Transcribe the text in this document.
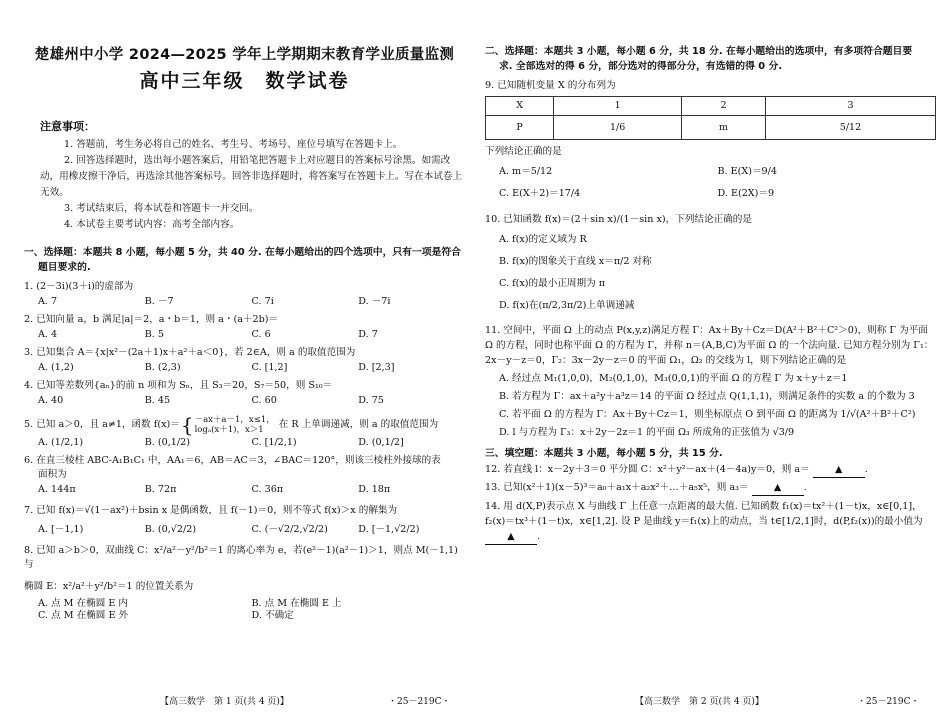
楚雄州中小学 2024—2025 学年上学期期末教育学业质量监测
高中三年级　数学试卷
注意事项：
1. 答题前，考生务必将自己的姓名、考生号、考场号、座位号填写在答题卡上。
2. 回答选择题时，选出每小题答案后，用铅笔把答题卡上对应题目的答案标号涂黑。如需改动，用橡皮擦干净后，再选涂其他答案标号。回答非选择题时，将答案写在答题卡上。写在本试卷上无效。
3. 考试结束后，将本试卷和答题卡一并交回。
4. 本试卷主要考试内容：高考全部内容。
一、选择题：本题共 8 小题，每小题 5 分，共 40 分. 在每小题给出的四个选项中，只有一项是符合
题目要求的.
1. (2－3i)(3＋i)的虚部为
A. 7	B. －7	C. 7i	D. －7i
2. 已知向量 a，b 满足|a|＝2，a・b＝1，则 a・(a＋2b)＝
A. 4	B. 5	C. 6	D. 7
3. 已知集合 A＝{x|x²－(2a＋1)x＋a²＋a＜0}，若 2∈A，则 a 的取值范围为
A. (1,2)	B. (2,3)	C. [1,2]	D. [2,3]
4. 已知等差数列{aₙ}的前 n 项和为 Sₙ，且 S₃＝20，S₇＝50，则 S₁₀＝
A. 40	B. 45	C. 60	D. 75
5. 已知 a＞0，且 a≠1，函数 f(x)＝ { －ax＋a－1，x≤1，
logₐ(x＋1)，x＞1	在 R 上单调递减，则 a 的取值范围为
A. (1/2,1)	B. (0,1/2)	C. [1/2,1)	D. (0,1/2]
6. 在直三棱柱 ABC-A₁B₁C₁ 中，AA₁＝6，AB＝AC＝3，∠BAC＝120°，则该三棱柱外接球的表
面积为
A. 144π	B. 72π	C. 36π	D. 18π
7. 已知 f(x)＝√(1－ax²)＋bsin x 是偶函数，且 f(－1)＝0，则不等式 f(x)＞x 的解集为
A. [－1,1)	B. (0,√2/2)	C. (－√2/2,√2/2)	D. [－1,√2/2)
8. 已知 a＞b＞0，双曲线 C：x²/a²－y²/b²＝1 的离心率为 e，若(e²－1)(a²－1)＞1，则点 M(－1,1)与
椭圆 E：x²/a²＋y²/b²＝1 的位置关系为
A. 点 M 在椭圆 E 内	B. 点 M 在椭圆 E 上
C. 点 M 在椭圆 E 外	D. 不确定
【高三数学　第 1 页(共 4 页)】	・25－219C・
二、选择题：本题共 3 小题，每小题 6 分，共 18 分. 在每小题给出的选项中，有多项符合题目要
求. 全部选对的得 6 分，部分选对的得部分分，有选错的得 0 分.
9. 已知随机变量 X 的分布列为
X	1	2	3
P	1/6	m	5/12
下列结论正确的是
A. m＝5/12	B. E(X)＝9/4
C. E(X＋2)＝17/4	D. E(2X)＝9
10. 已知函数 f(x)＝(2＋sin x)/(1－sin x)，下列结论正确的是
A. f(x)的定义域为 R
B. f(x)的图象关于直线 x＝π/2 对称
C. f(x)的最小正周期为 π
D. f(x)在(π/2,3π/2)上单调递减
11. 空间中，平面 Ω 上的动点 P(x,y,z)满足方程 Γ：Ax＋By＋Cz＝D(A²＋B²＋C²＞0)，则称 Γ 为平面 Ω 的方程，同时也称平面 Ω 的方程为 Γ，并称 n＝(A,B,C)为平面 Ω 的一个法向量. 已知方程分别为 Γ₁：2x－y－z＝0，Γ₂：3x－2y－z＝0 的平面 Ω₁，Ω₂ 的交线为 l，则下列结论正确的是
A. 经过点 M₁(1,0,0)，M₂(0,1,0)，M₃(0,0,1)的平面 Ω 的方程 Γ 为 x＋y＋z＝1
B. 若方程为 Γ：ax＋a²y＋a³z＝14 的平面 Ω 经过点 Q(1,1,1)，则满足条件的实数 a 的个数为 3
C. 若平面 Ω 的方程为 Γ：Ax＋By＋Cz＝1，则坐标原点 O 到平面 Ω 的距离为 1/√(A²＋B²＋C²)
D. l 与方程为 Γ₃：x＋2y－2z＝1 的平面 Ω₃ 所成角的正弦值为 √3/9
三、填空题：本题共 3 小题，每小题 5 分，共 15 分.
12. 若直线 l：x－2y＋3＝0 平分圆 C：x²＋y²－ax＋(4－4a)y＝0，则 a＝	▲ .
13. 已知(x²＋1)(x－5)³＝a₀＋a₁x＋a₂x²＋…＋a₅x⁵，则 a₃＝	▲ .
14. 用 d(X,P)表示点 X 与曲线 Γ 上任意一点距离的最大值. 已知函数 f₁(x)＝tx²＋(1－t)x，x∈[0,1]，f₂(x)＝tx³＋(1－t)x，x∈[1,2]. 设 P 是曲线 y＝f₁(x)上的动点，当 t∈[1/2,1]时，d(P,f₂(x))的最小值为 ▲ .
【高三数学　第 2 页(共 4 页)】	・25－219C・
